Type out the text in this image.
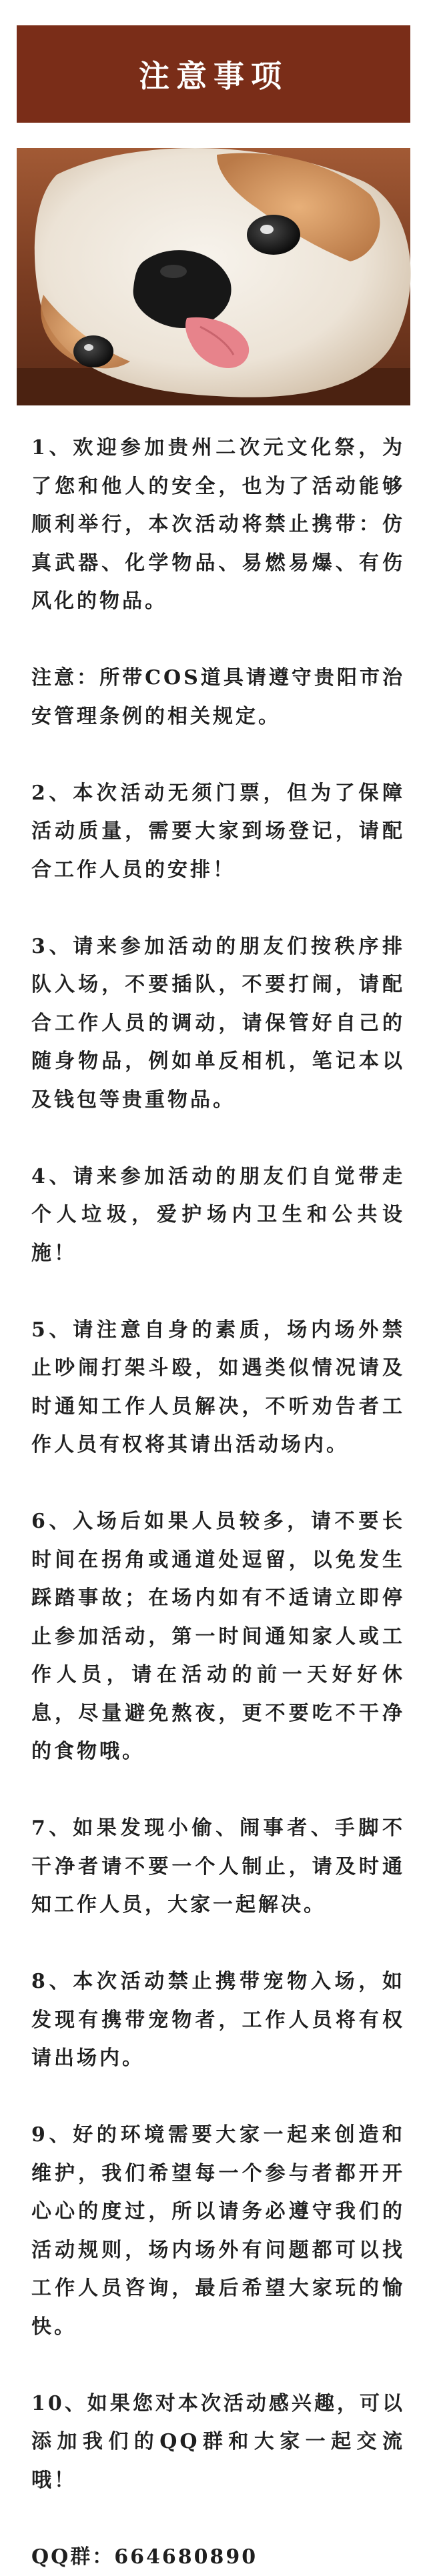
注意事项

1、欢迎参加贵州二次元文化祭，为了您和他人的安全，也为了活动能够顺利举行，本次活动将禁止携带：仿真武器、化学物品、易燃易爆、有伤风化的物品。

注意：所带COS道具请遵守贵阳市治安管理条例的相关规定。

2、本次活动无须门票，但为了保障活动质量，需要大家到场登记，请配合工作人员的安排！

3、请来参加活动的朋友们按秩序排队入场，不要插队，不要打闹，请配合工作人员的调动，请保管好自己的随身物品，例如单反相机，笔记本以及钱包等贵重物品。

4、请来参加活动的朋友们自觉带走个人垃圾，爱护场内卫生和公共设施！

5、请注意自身的素质，场内场外禁止吵闹打架斗殴，如遇类似情况请及时通知工作人员解决，不听劝告者工作人员有权将其请出活动场内。

6、入场后如果人员较多，请不要长时间在拐角或通道处逗留，以免发生踩踏事故；在场内如有不适请立即停止参加活动，第一时间通知家人或工作人员，请在活动的前一天好好休息，尽量避免熬夜，更不要吃不干净的食物哦。

7、如果发现小偷、闹事者、手脚不干净者请不要一个人制止，请及时通知工作人员，大家一起解决。

8、本次活动禁止携带宠物入场，如发现有携带宠物者，工作人员将有权请出场内。

9、好的环境需要大家一起来创造和维护，我们希望每一个参与者都开开心心的度过，所以请务必遵守我们的活动规则，场内场外有问题都可以找工作人员咨询，最后希望大家玩的愉快。

10、如果您对本次活动感兴趣，可以添加我们的QQ群和大家一起交流哦！

QQ群：664680890
